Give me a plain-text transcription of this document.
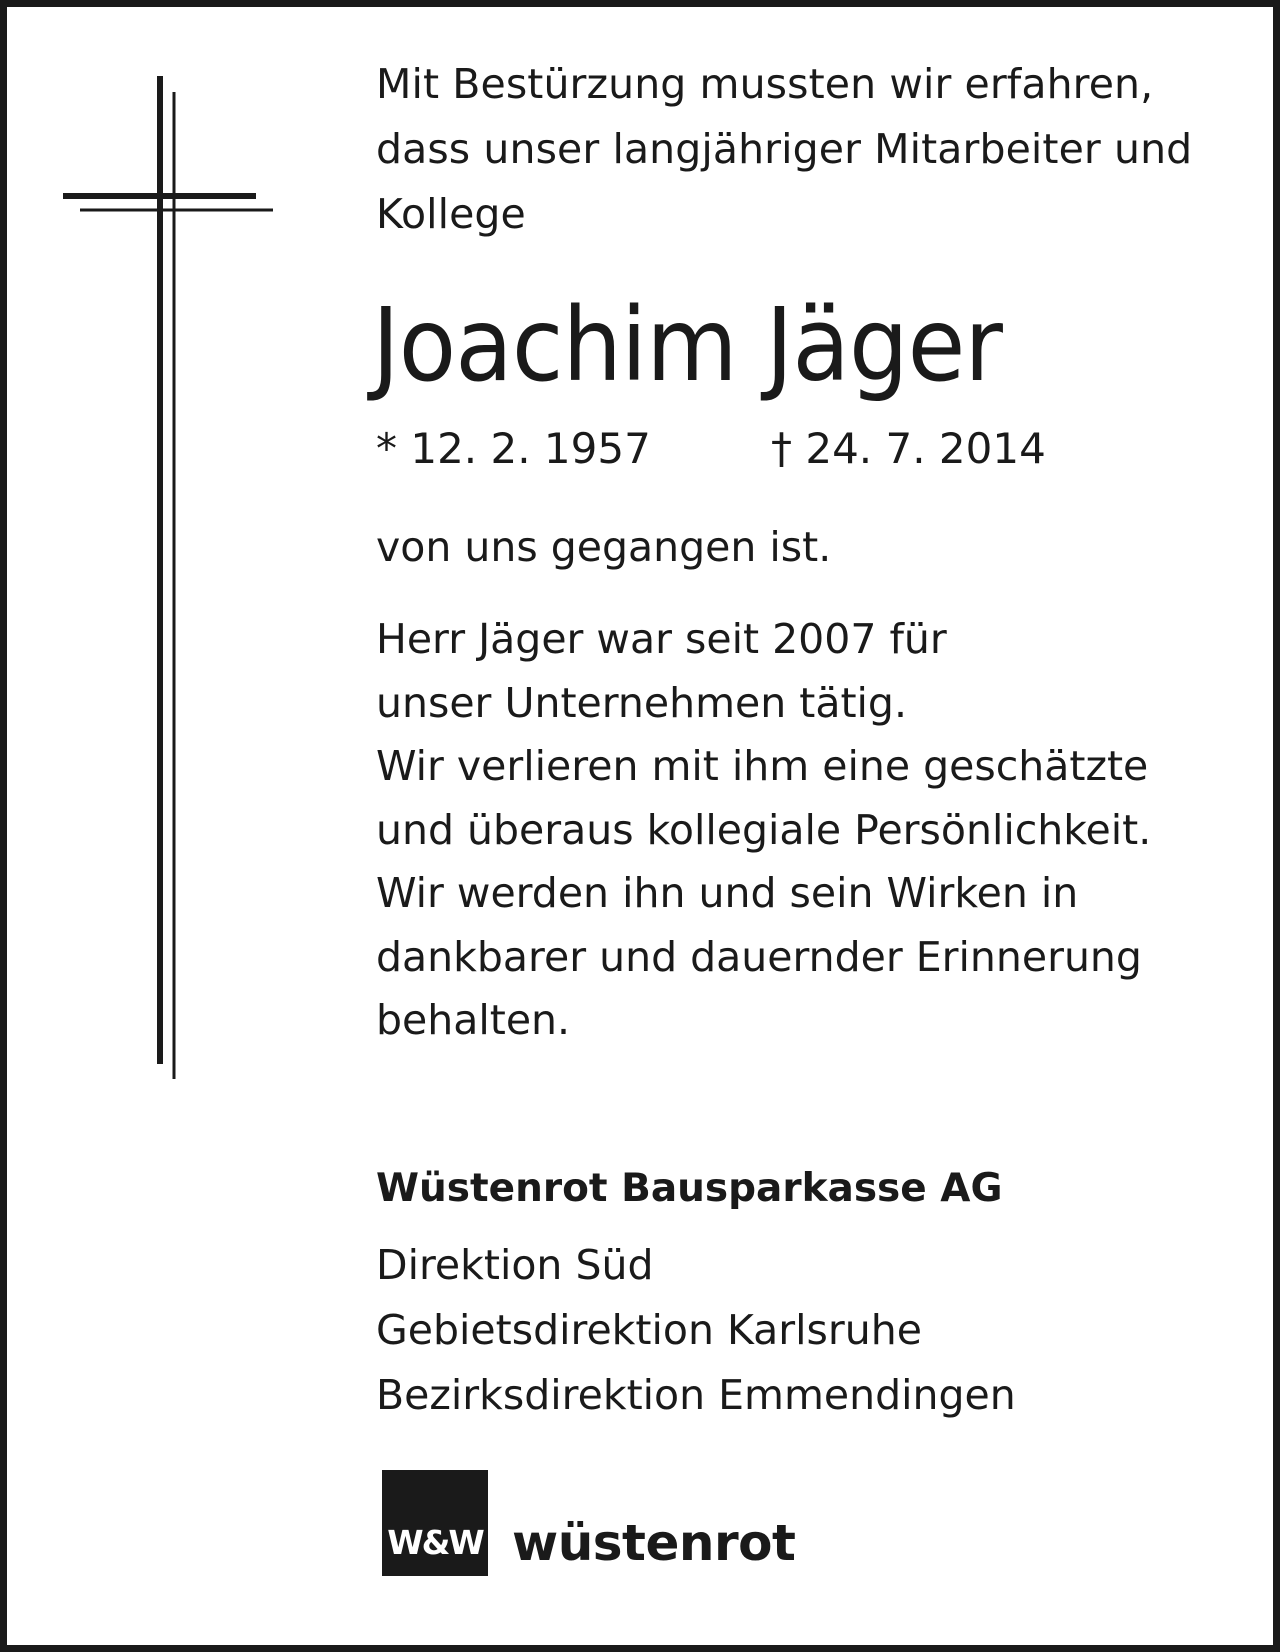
Mit Bestürzung mussten wir erfahren,
dass unser langjähriger Mitarbeiter und
Kollege

Joachim Jäger
* 12. 2. 1957	† 24. 7. 2014

von uns gegangen ist.

Herr Jäger war seit 2007 für
unser Unternehmen tätig.
Wir verlieren mit ihm eine geschätzte
und überaus kollegiale Persönlichkeit.
Wir werden ihn und sein Wirken in
dankbarer und dauernder Erinnerung
behalten.

Wüstenrot Bausparkasse AG

Direktion Süd
Gebietsdirektion Karlsruhe
Bezirksdirektion Emmendingen

W&W wüstenrot
